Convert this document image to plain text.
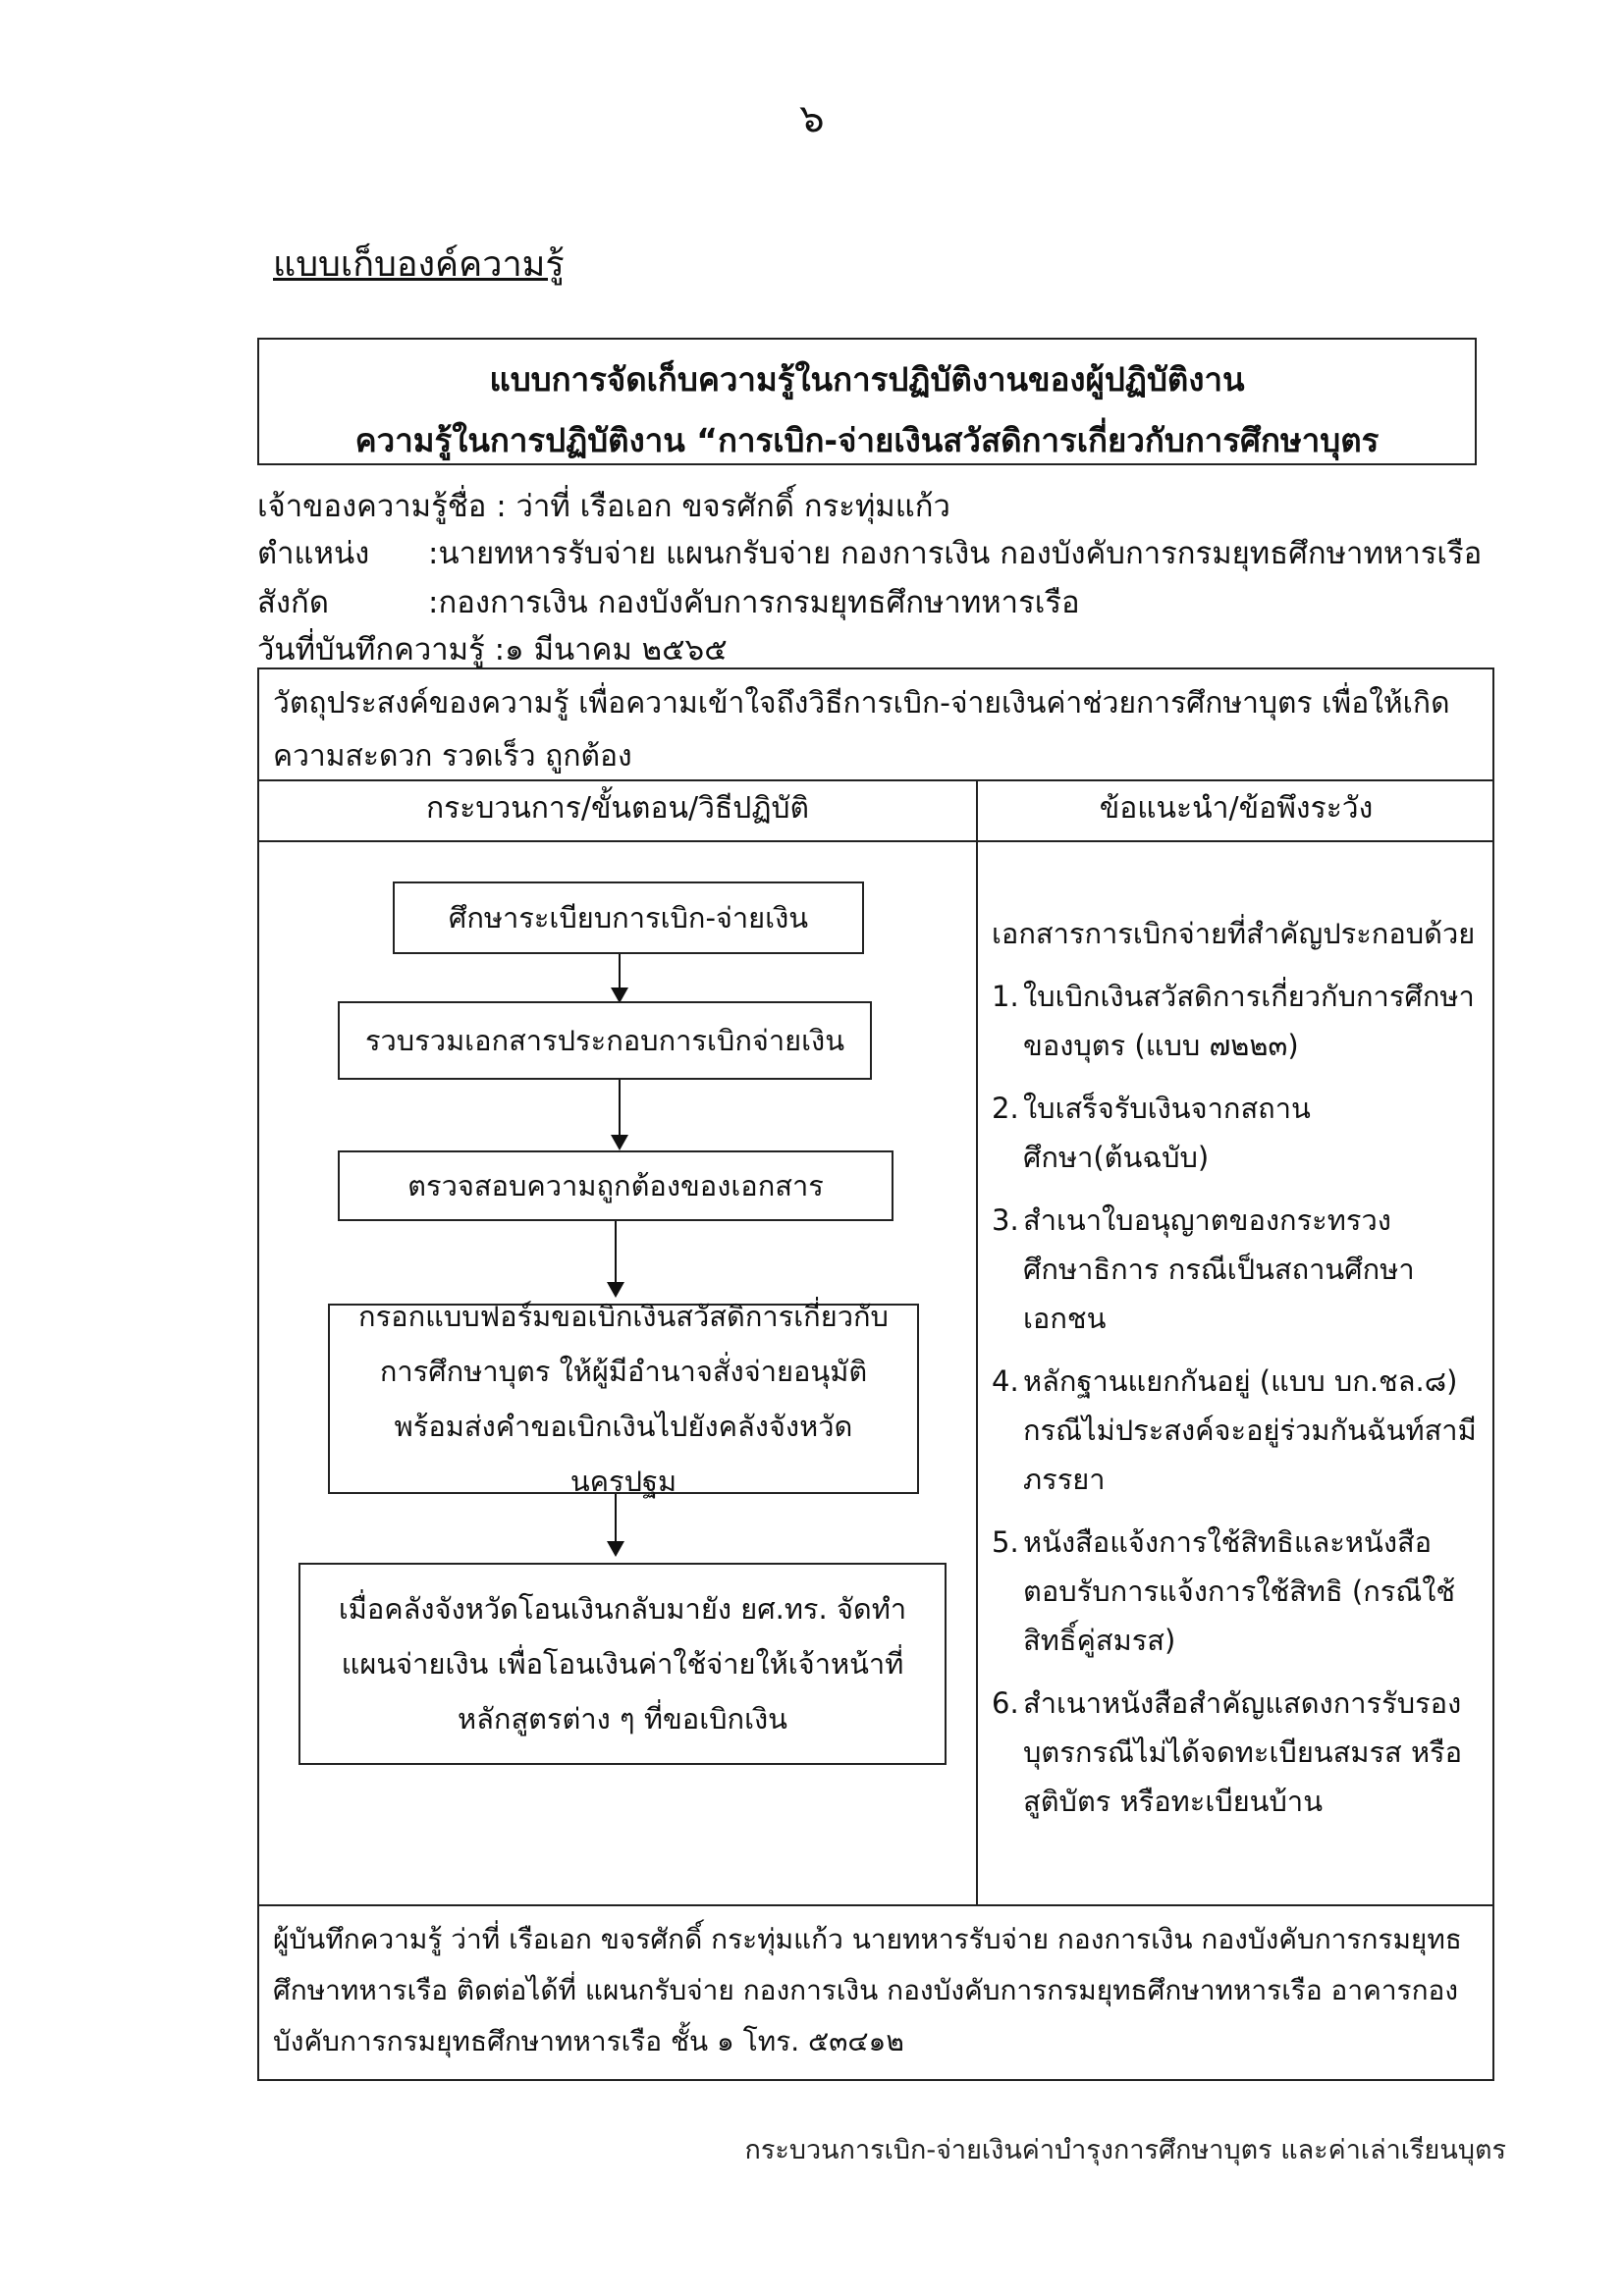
๖
แบบเก็บองค์ความรู้
แบบการจัดเก็บความรู้ในการปฏิบัติงานของผู้ปฏิบัติงาน
ความรู้ในการปฏิบัติงาน “การเบิก-จ่ายเงินสวัสดิการเกี่ยวกับการศึกษาบุตร
เจ้าของความรู้ชื่อ : ว่าที่ เรือเอก ขจรศักดิ์ กระทุ่มแก้ว
ตำแหน่ง :นายทหารรับจ่าย แผนกรับจ่าย กองการเงิน กองบังคับการกรมยุทธศึกษาทหารเรือ
สังกัด	:กองการเงิน กองบังคับการกรมยุทธศึกษาทหารเรือ
วันที่บันทึกความรู้ :๑ มีนาคม ๒๕๖๕
วัตถุประสงค์ของความรู้ เพื่อความเข้าใจถึงวิธีการเบิก-จ่ายเงินค่าช่วยการศึกษาบุตร เพื่อให้เกิดความสะดวก รวดเร็ว ถูกต้อง
กระบวนการ/ขั้นตอน/วิธีปฏิบัติ	ข้อแนะนำ/ข้อพึงระวัง
ศึกษาระเบียบการเบิก-จ่ายเงิน
รวบรวมเอกสารประกอบการเบิกจ่ายเงิน
ตรวจสอบความถูกต้องของเอกสาร
กรอกแบบฟอร์มขอเบิกเงินสวัสดิการเกี่ยวกับการศึกษาบุตร ให้ผู้มีอำนาจสั่งจ่ายอนุมัติพร้อมส่งคำขอเบิกเงินไปยังคลังจังหวัดนครปฐม
เมื่อคลังจังหวัดโอนเงินกลับมายัง ยศ.ทร. จัดทำแผนจ่ายเงิน เพื่อโอนเงินค่าใช้จ่ายให้เจ้าหน้าที่หลักสูตรต่าง ๆ ที่ขอเบิกเงิน
เอกสารการเบิกจ่ายที่สำคัญประกอบด้วย
1. ใบเบิกเงินสวัสดิการเกี่ยวกับการศึกษาของบุตร (แบบ ๗๒๒๓)
2. ใบเสร็จรับเงินจากสถานศึกษา(ต้นฉบับ)
3. สำเนาใบอนุญาตของกระทรวงศึกษาธิการ กรณีเป็นสถานศึกษาเอกชน
4. หลักฐานแยกกันอยู่ (แบบ บก.ชล.๘) กรณีไม่ประสงค์จะอยู่ร่วมกันฉันท์สามีภรรยา
5. หนังสือแจ้งการใช้สิทธิและหนังสือตอบรับการแจ้งการใช้สิทธิ (กรณีใช้สิทธิ์คู่สมรส)
6. สำเนาหนังสือสำคัญแสดงการรับรองบุตรกรณีไม่ได้จดทะเบียนสมรส หรือสูติบัตร หรือทะเบียนบ้าน
ผู้บันทึกความรู้ ว่าที่ เรือเอก ขจรศักดิ์ กระทุ่มแก้ว นายทหารรับจ่าย กองการเงิน กองบังคับการกรมยุทธศึกษาทหารเรือ ติดต่อได้ที่ แผนกรับจ่าย กองการเงิน กองบังคับการกรมยุทธศึกษาทหารเรือ อาคารกองบังคับการกรมยุทธศึกษาทหารเรือ ชั้น ๑ โทร. ๕๓๔๑๒
กระบวนการเบิก-จ่ายเงินค่าบำรุงการศึกษาบุตร และค่าเล่าเรียนบุตร
